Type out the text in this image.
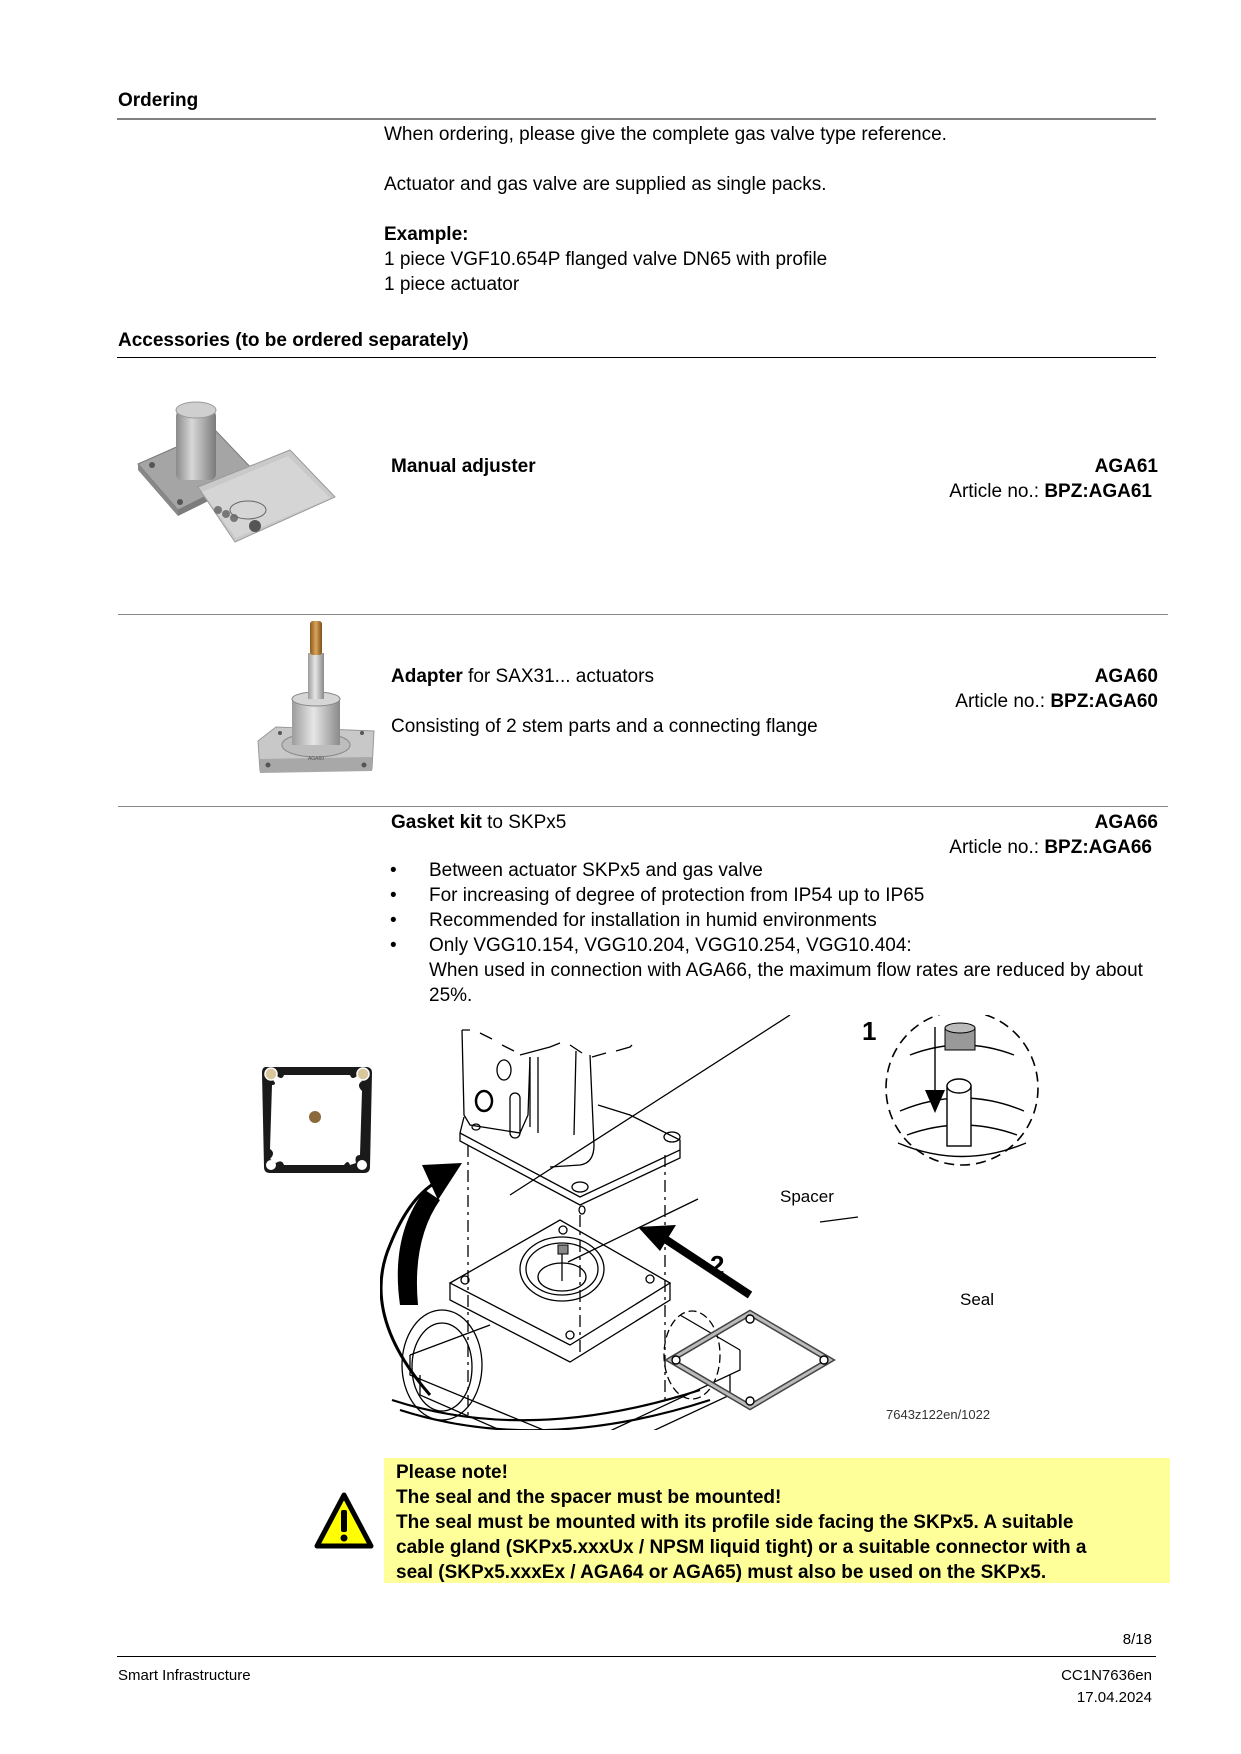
Ordering
When ordering, please give the complete gas valve type reference.
Actuator and gas valve are supplied as single packs.
Example:
1 piece VGF10.654P flanged valve DN65 with profile
1 piece actuator
Accessories (to be ordered separately)
Manual adjuster	AGA61
Article no.: BPZ:AGA61
AGA60
Adapter for SAX31... actuators	AGA60
Article no.: BPZ:AGA60
Consisting of 2 stem parts and a connecting flange
Gasket kit to SKPx5	AGA66
Article no.: BPZ:AGA66
• Between actuator SKPx5 and gas valve
• For increasing of degree of protection from IP54 up to IP65
• Recommended for installation in humid environments
• Only VGG10.154, VGG10.204, VGG10.254, VGG10.404:
When used in connection with AGA66, the maximum flow rates are reduced by about 25%.
1
2
Spacer
Seal
7643z122en/1022
Please note!
The seal and the spacer must be mounted!
The seal must be mounted with its profile side facing the SKPx5. A suitable
cable gland (SKPx5.xxxUx / NPSM liquid tight) or a suitable connector with a
seal (SKPx5.xxxEx / AGA64 or AGA65) must also be used on the SKPx5.
8/18
Smart Infrastructure	CC1N7636en
17.04.2024
